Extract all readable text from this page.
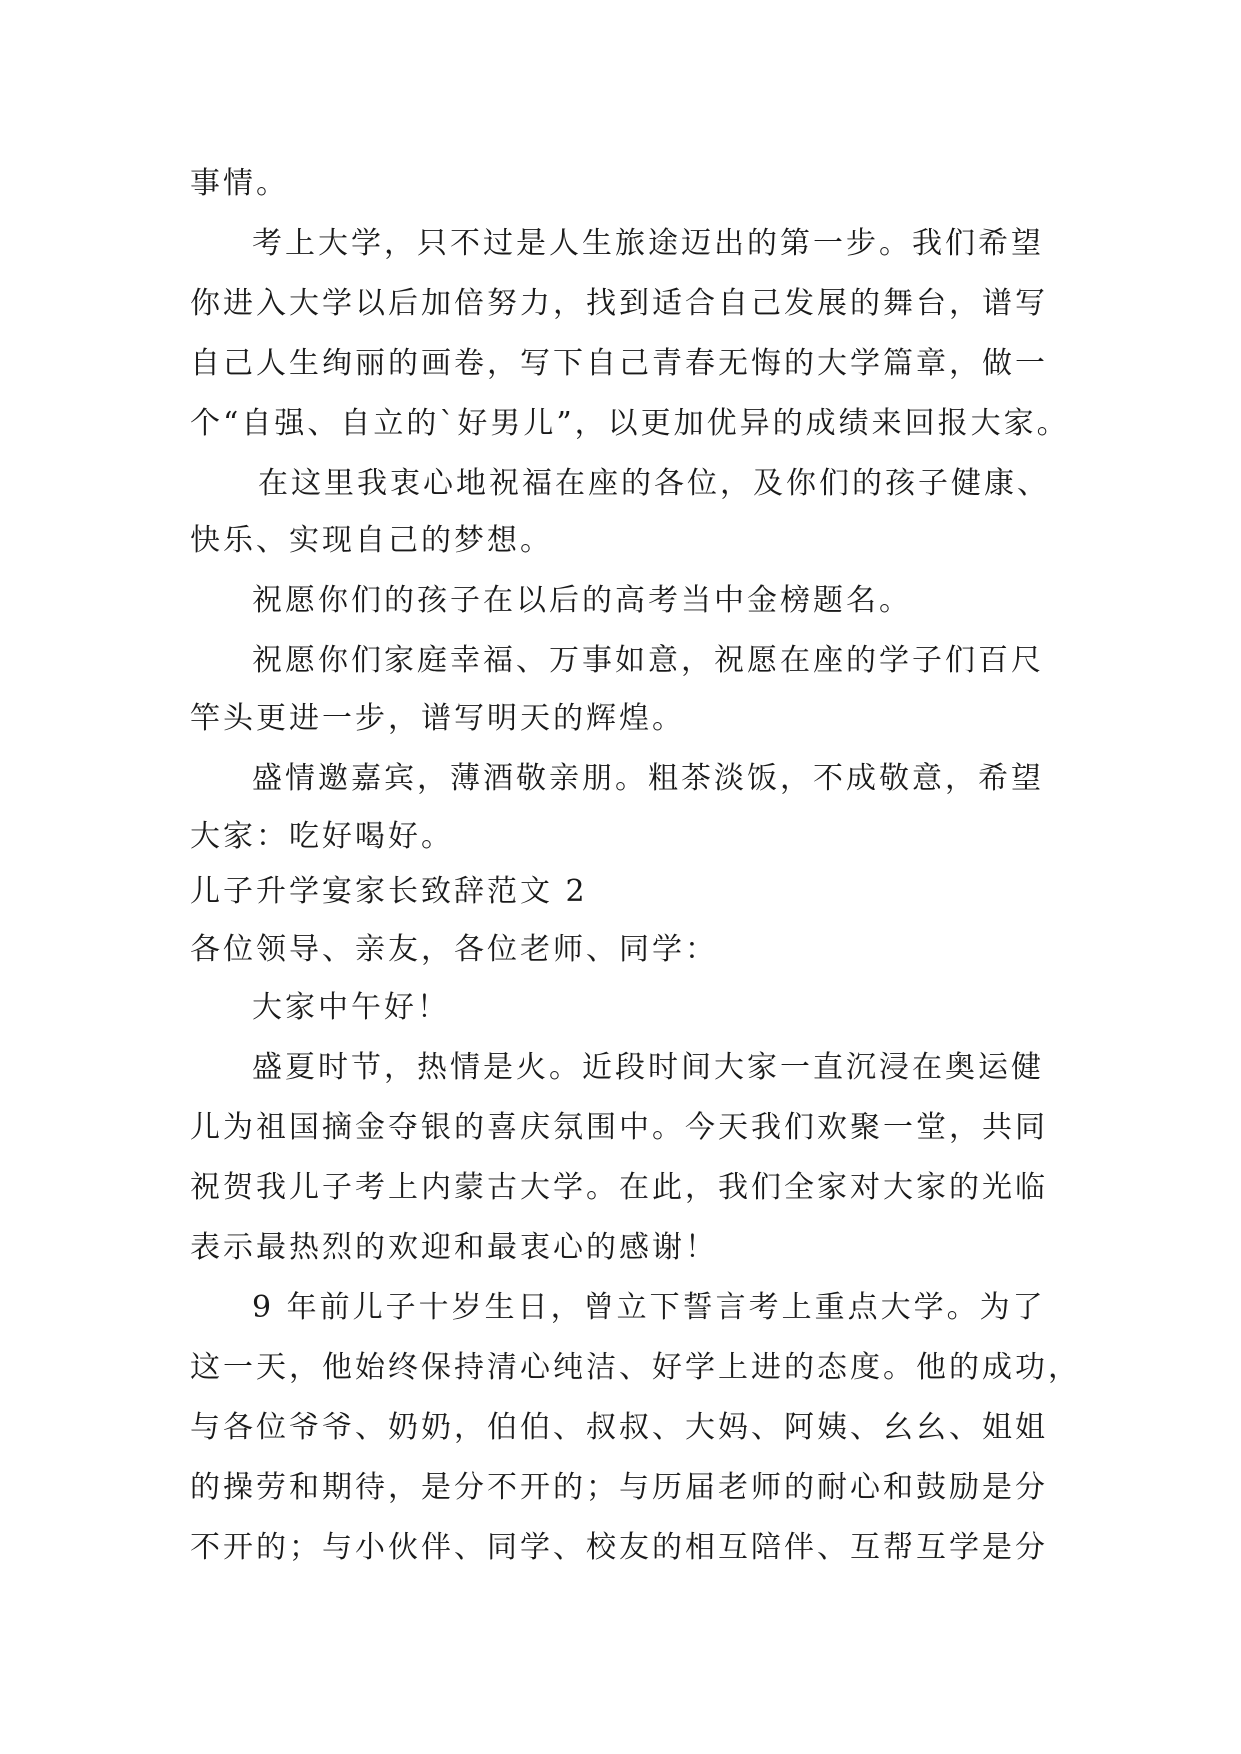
事情。
考上大学，只不过是人生旅途迈出的第一步。我们希望
你进入大学以后加倍努力，找到适合自己发展的舞台，谱写
自己人生绚丽的画卷，写下自己青春无悔的大学篇章，做一
个“自强、自立的`好男儿”，以更加优异的成绩来回报大家。
在这里我衷心地祝福在座的各位，及你们的孩子健康、
快乐、实现自己的梦想。
祝愿你们的孩子在以后的高考当中金榜题名。
祝愿你们家庭幸福、万事如意，祝愿在座的学子们百尺
竿头更进一步，谱写明天的辉煌。
盛情邀嘉宾，薄酒敬亲朋。粗茶淡饭，不成敬意，希望
大家：吃好喝好。
儿子升学宴家长致辞范文 2
各位领导、亲友，各位老师、同学：
大家中午好！
盛夏时节，热情是火。近段时间大家一直沉浸在奥运健
儿为祖国摘金夺银的喜庆氛围中。今天我们欢聚一堂，共同
祝贺我儿子考上内蒙古大学。在此，我们全家对大家的光临
表示最热烈的欢迎和最衷心的感谢！
9 年前儿子十岁生日，曾立下誓言考上重点大学。为了
这一天，他始终保持清心纯洁、好学上进的态度。他的成功，
与各位爷爷、奶奶，伯伯、叔叔、大妈、阿姨、幺幺、姐姐
的操劳和期待，是分不开的；与历届老师的耐心和鼓励是分
不开的；与小伙伴、同学、校友的相互陪伴、互帮互学是分
